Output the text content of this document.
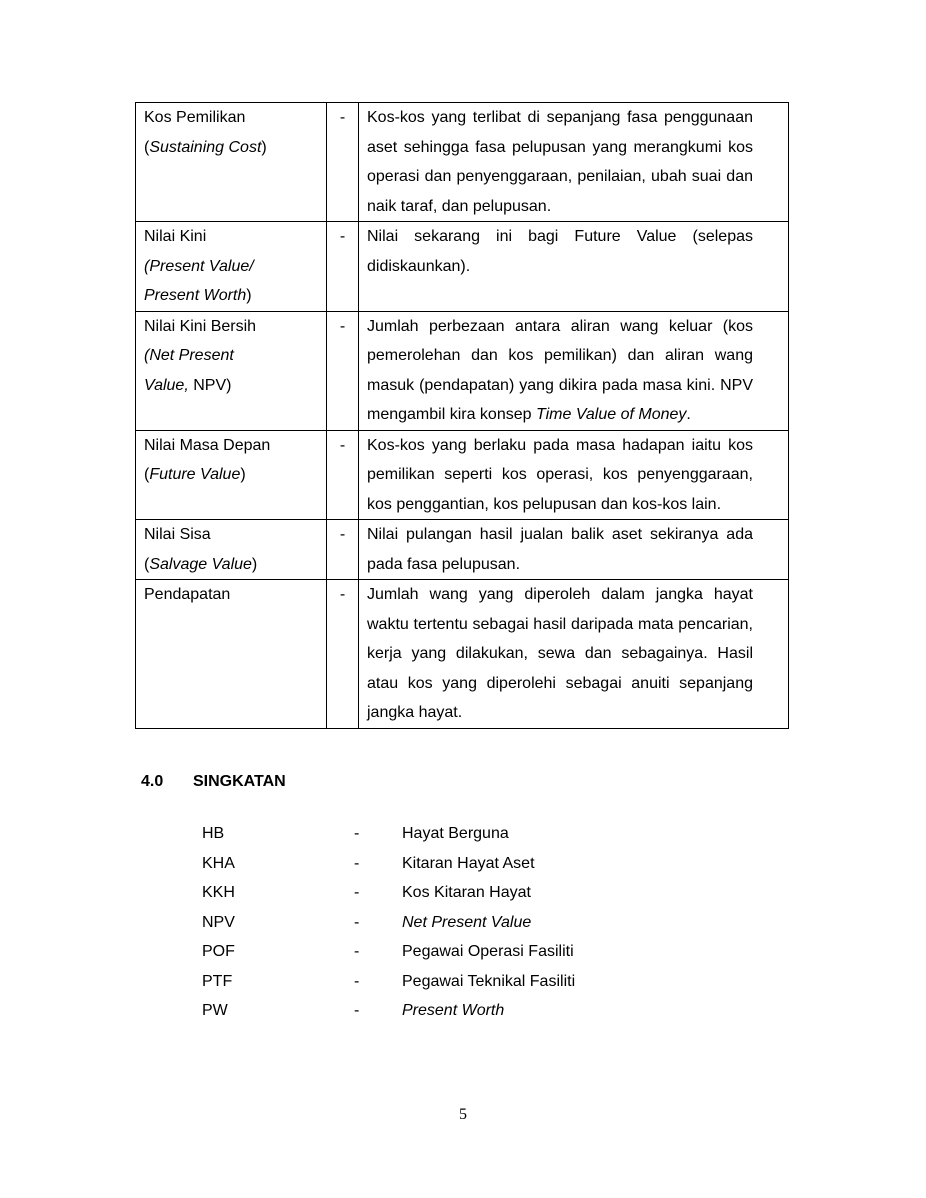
Kos Pemilikan
(Sustaining Cost)	-	Kos-kos yang terlibat di sepanjang fasa penggunaan aset sehingga fasa pelupusan yang merangkumi kos operasi dan penyenggaraan, penilaian, ubah suai dan naik taraf, dan pelupusan.

Nilai Kini
(Present Value/
Present Worth)	-	Nilai sekarang ini bagi Future Value (selepas didiskaunkan).

Nilai Kini Bersih
(Net Present
Value, NPV)	-	Jumlah perbezaan antara aliran wang keluar (kos pemerolehan dan kos pemilikan) dan aliran wang masuk (pendapatan) yang dikira pada masa kini. NPV mengambil kira konsep Time Value of Money.

Nilai Masa Depan
(Future Value)	-	Kos-kos yang berlaku pada masa hadapan iaitu kos pemilikan seperti kos operasi, kos penyenggaraan, kos penggantian, kos pelupusan dan kos-kos lain.

Nilai Sisa
(Salvage Value)	-	Nilai pulangan hasil jualan balik aset sekiranya ada pada fasa pelupusan.

Pendapatan	-	Jumlah wang yang diperoleh dalam jangka hayat waktu tertentu sebagai hasil daripada mata pencarian, kerja yang dilakukan, sewa dan sebagainya. Hasil atau kos yang diperolehi sebagai anuiti sepanjang jangka hayat.
4.0 SINGKATAN
HB	-	Hayat Berguna
KHA	-	Kitaran Hayat Aset
KKH	-	Kos Kitaran Hayat
NPV	-	Net Present Value
POF	-	Pegawai Operasi Fasiliti
PTF	-	Pegawai Teknikal Fasiliti
PW	-	Present Worth
5
